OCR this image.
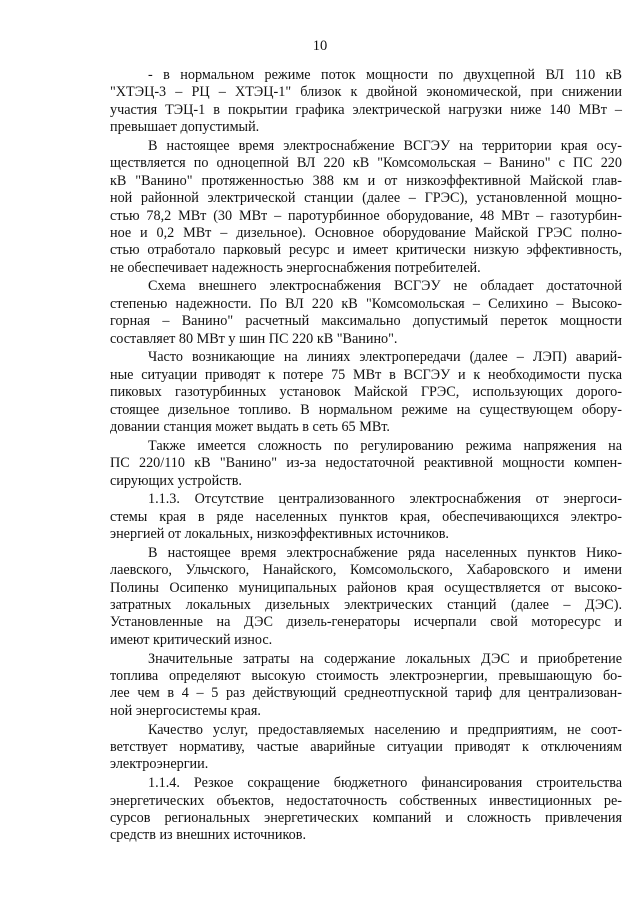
10
- в нормальном режиме поток мощности по двухцепной ВЛ 110 кВ
"ХТЭЦ-3 – РЦ – ХТЭЦ-1" близок к двойной экономической, при снижении
участия ТЭЦ-1 в покрытии графика электрической нагрузки ниже 140 МВт –
превышает допустимый.
В настоящее время электроснабжение ВСГЭУ на территории края осу-
ществляется по одноцепной ВЛ 220 кВ "Комсомольская – Ванино" с ПС 220
кВ "Ванино" протяженностью 388 км и от низкоэффективной Майской глав-
ной районной электрической станции (далее – ГРЭС), установленной мощно-
стью 78,2 МВт (30 МВт – паротурбинное оборудование, 48 МВт – газотурбин-
ное и 0,2 МВт – дизельное). Основное оборудование Майской ГРЭС полно-
стью отработало парковый ресурс и имеет критически низкую эффективность,
не обеспечивает надежность энергоснабжения потребителей.
Схема внешнего электроснабжения ВСГЭУ не обладает достаточной
степенью надежности. По ВЛ 220 кВ "Комсомольская – Селихино – Высоко-
горная – Ванино" расчетный максимально допустимый переток мощности
составляет 80 МВт у шин ПС 220 кВ "Ванино".
Часто возникающие на линиях электропередачи (далее – ЛЭП) аварий-
ные ситуации приводят к потере 75 МВт в ВСГЭУ и к необходимости пуска
пиковых газотурбинных установок Майской ГРЭС, использующих дорого-
стоящее дизельное топливо. В нормальном режиме на существующем обору-
довании станция может выдать в сеть 65 МВт.
Также имеется сложность по регулированию режима напряжения на
ПС 220/110 кВ "Ванино" из-за недостаточной реактивной мощности компен-
сирующих устройств.
1.1.3. Отсутствие централизованного электроснабжения от энергоси-
стемы края в ряде населенных пунктов края, обеспечивающихся электро-
энергией от локальных, низкоэффективных источников.
В настоящее время электроснабжение ряда населенных пунктов Нико-
лаевского, Ульчского, Нанайского, Комсомольского, Хабаровского и имени
Полины Осипенко муниципальных районов края осуществляется от высоко-
затратных локальных дизельных электрических станций (далее – ДЭС).
Установленные на ДЭС дизель-генераторы исчерпали свой моторесурс и
имеют критический износ.
Значительные затраты на содержание локальных ДЭС и приобретение
топлива определяют высокую стоимость электроэнергии, превышающую бо-
лее чем в 4 – 5 раз действующий среднеотпускной тариф для централизован-
ной энергосистемы края.
Качество услуг, предоставляемых населению и предприятиям, не соот-
ветствует нормативу, частые аварийные ситуации приводят к отключениям
электроэнергии.
1.1.4. Резкое сокращение бюджетного финансирования строительства
энергетических объектов, недостаточность собственных инвестиционных ре-
сурсов региональных энергетических компаний и сложность привлечения
средств из внешних источников.
